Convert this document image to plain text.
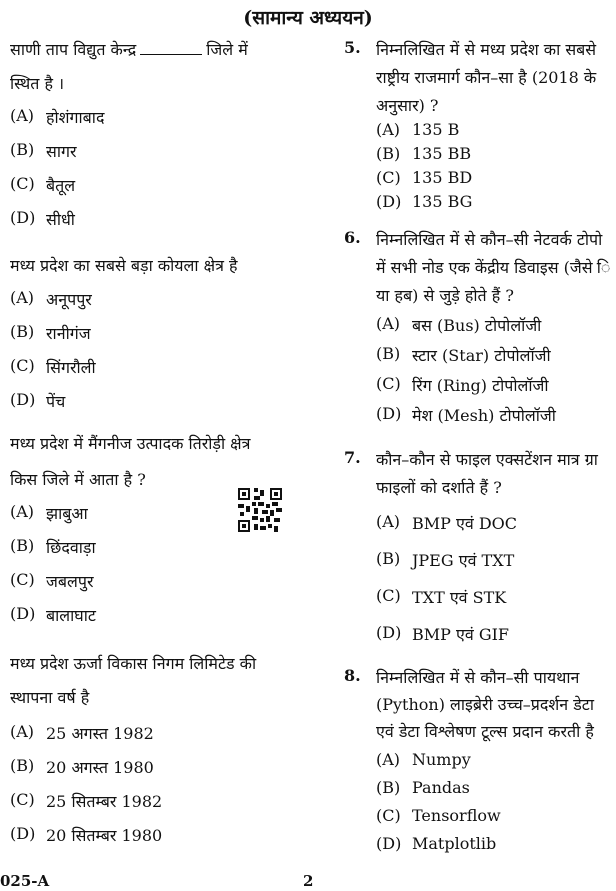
(सामान्य अध्ययन)
साणी ताप विद्युत केन्द्र	जिले में
स्थित है ।
(A) होशंगाबाद
(B) सागर
(C) बैतूल
(D) सीधी
मध्य प्रदेश का सबसे बड़ा कोयला क्षेत्र है
(A) अनूपपुर
(B) रानीगंज
(C) सिंगरौली
(D) पेंच
मध्य प्रदेश में मैंगनीज उत्पादक तिरोड़ी क्षेत्र
किस जिले में आता है ?
(A) झाबुआ
(B) छिंदवाड़ा
(C) जबलपुर
(D) बालाघाट
मध्य प्रदेश ऊर्जा विकास निगम लिमिटेड की
स्थापना वर्ष है
(A) 25 अगस्त 1982
(B) 20 अगस्त 1980
(C) 25 सितम्बर 1982
(D) 20 सितम्बर 1980
5. निम्नलिखित में से मध्य प्रदेश का सबसे
राष्ट्रीय राजमार्ग कौन–सा है (2018 के
अनुसार) ?
(A) 135 B
(B) 135 BB
(C) 135 BD
(D) 135 BG
6. निम्नलिखित में से कौन–सी नेटवर्क टोपो
में सभी नोड एक केंद्रीय डिवाइस (जैसे ि
या हब) से जुड़े होते हैं ?
(A) बस (Bus) टोपोलॉजी
(B) स्टार (Star) टोपोलॉजी
(C) रिंग (Ring) टोपोलॉजी
(D) मेश (Mesh) टोपोलॉजी
7. कौन–कौन से फाइल एक्सटेंशन मात्र ग्रा
फाइलों को दर्शाते हैं ?
(A) BMP एवं DOC
(B) JPEG एवं TXT
(C) TXT एवं STK
(D) BMP एवं GIF
8. निम्नलिखित में से कौन–सी पायथान
(Python) लाइब्रेरी उच्च–प्रदर्शन डेटा
एवं डेटा विश्लेषण टूल्स प्रदान करती है
(A) Numpy
(B) Pandas
(C) Tensorflow
(D) Matplotlib
025-A	2
